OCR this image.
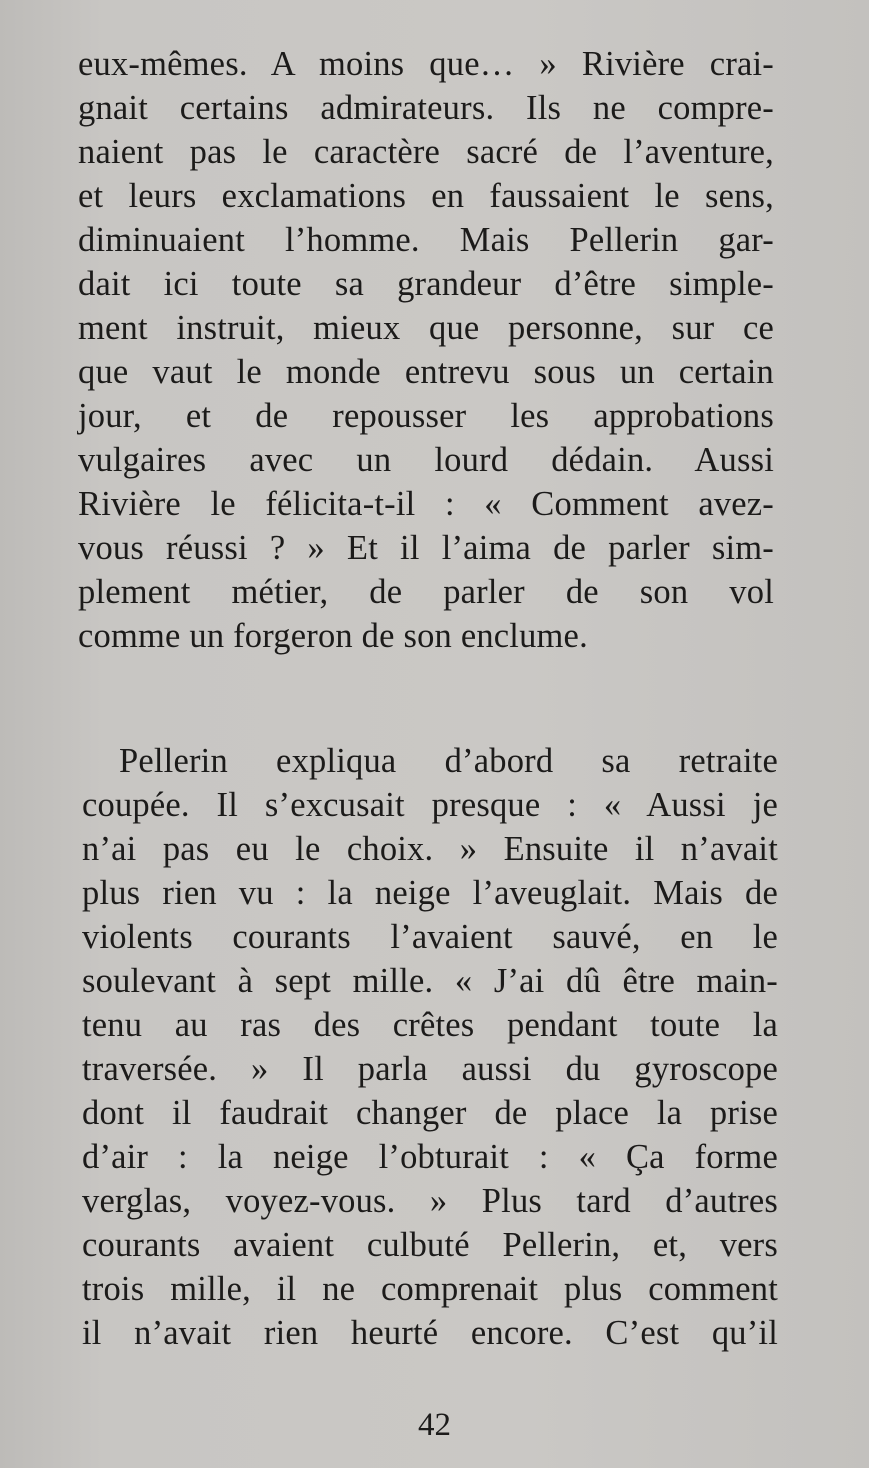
eux-mêmes. A moins que… » Rivière crai-
gnait certains admirateurs. Ils ne compre-
naient pas le caractère sacré de l’aventure,
et leurs exclamations en faussaient le sens,
diminuaient l’homme. Mais Pellerin gar-
dait ici toute sa grandeur d’être simple-
ment instruit, mieux que personne, sur ce
que vaut le monde entrevu sous un certain
jour, et de repousser les approbations
vulgaires avec un lourd dédain. Aussi
Rivière le félicita-t-il : « Comment avez-
vous réussi ? » Et il l’aima de parler sim-
plement métier, de parler de son vol
comme un forgeron de son enclume.
Pellerin expliqua d’abord sa retraite
coupée. Il s’excusait presque : « Aussi je
n’ai pas eu le choix. » Ensuite il n’avait
plus rien vu : la neige l’aveuglait. Mais de
violents courants l’avaient sauvé, en le
soulevant à sept mille. « J’ai dû être main-
tenu au ras des crêtes pendant toute la
traversée. » Il parla aussi du gyroscope
dont il faudrait changer de place la prise
d’air : la neige l’obturait : « Ça forme
verglas, voyez-vous. » Plus tard d’autres
courants avaient culbuté Pellerin, et, vers
trois mille, il ne comprenait plus comment
il n’avait rien heurté encore. C’est qu’il
42
